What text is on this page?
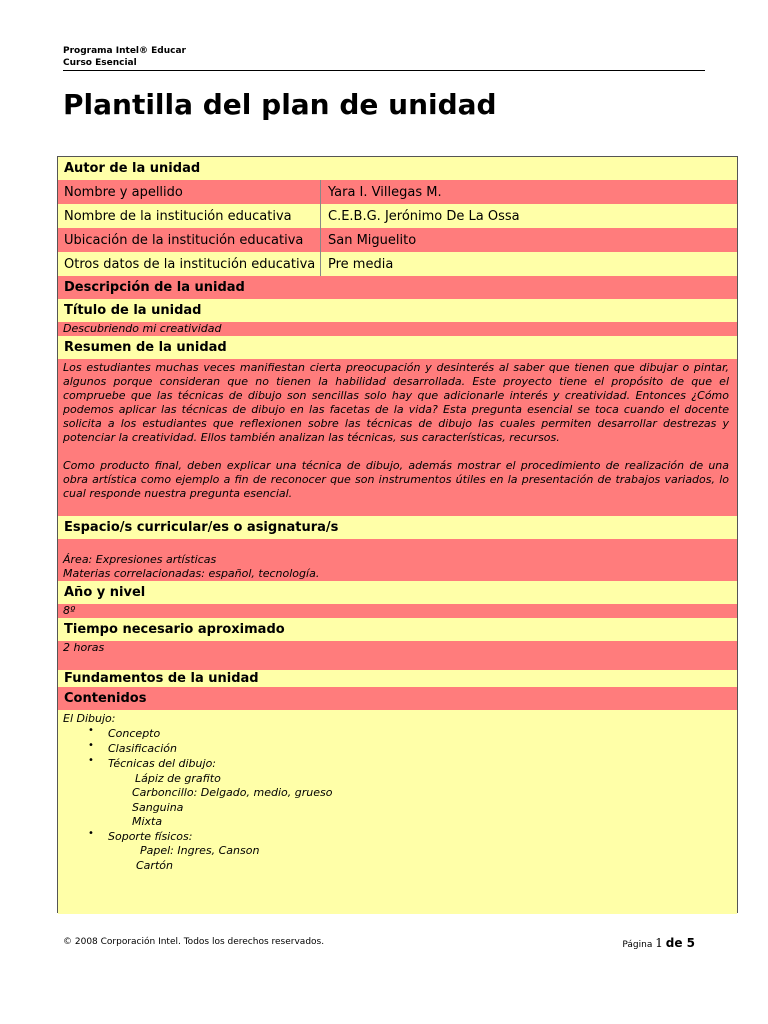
Programa Intel® Educar
Curso Esencial
Plantilla del plan de unidad
Autor de la unidad
Nombre y apellido	Yara I. Villegas M.
Nombre de la institución educativa	C.E.B.G. Jerónimo De La Ossa
Ubicación de la institución educativa	San Miguelito
Otros datos de la institución educativa Pre media
Descripción de la unidad
Título de la unidad
Descubriendo mi creatividad
Resumen de la unidad

Los estudiantes muchas veces manifiestan cierta preocupación y desinterés al saber que tienen que dibujar o pintar, algunos porque consideran que no tienen la habilidad desarrollada. Este proyecto tiene el propósito de que el compruebe que las técnicas de dibujo son sencillas solo hay que adicionarle interés y creatividad. Entonces ¿Cómo podemos aplicar las técnicas de dibujo en las facetas de la vida? Esta pregunta esencial se toca cuando el docente solicita a los estudiantes que reflexionen sobre las técnicas de dibujo las cuales permiten desarrollar destrezas y potenciar la creatividad. Ellos también analizan las técnicas, sus características, recursos.

Como producto final, deben explicar una técnica de dibujo, además mostrar el procedimiento de realización de una obra artística como ejemplo a fin de reconocer que son instrumentos útiles en la presentación de trabajos variados, lo cual responde nuestra pregunta esencial.

Espacio/s curricular/es o asignatura/s
Área: Expresiones artísticas
Materias correlacionadas: español, tecnología.
Año y nivel
8º
Tiempo necesario aproximado
2 horas
Fundamentos de la unidad
Contenidos
El Dibujo:
• Concepto
• Clasificación
• Técnicas del dibujo:
Lápiz de grafito
Carboncillo: Delgado, medio, grueso
Sanguina
Mixta
• Soporte físicos:
Papel: Ingres, Canson
Cartón
© 2008 Corporación Intel. Todos los derechos reservados.	Página 1 de 5
